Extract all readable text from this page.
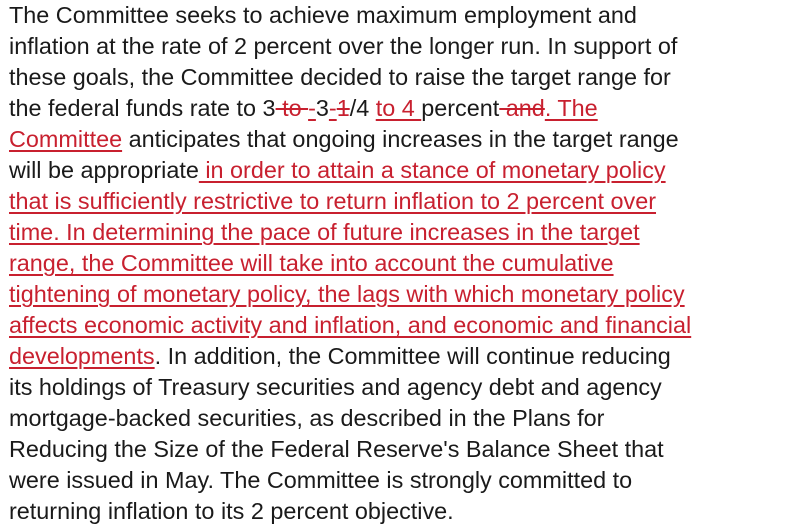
The Committee seeks to achieve maximum employment and
inflation at the rate of 2 percent over the longer run. In support of
these goals, the Committee decided to raise the target range for
the federal funds rate to 3 to -3-1/4 to 4 percent and. The
Committee anticipates that ongoing increases in the target range
will be appropriate in order to attain a stance of monetary policy
that is sufficiently restrictive to return inflation to 2 percent over
time. In determining the pace of future increases in the target
range, the Committee will take into account the cumulative
tightening of monetary policy, the lags with which monetary policy
affects economic activity and inflation, and economic and financial
developments. In addition, the Committee will continue reducing
its holdings of Treasury securities and agency debt and agency
mortgage-backed securities, as described in the Plans for
Reducing the Size of the Federal Reserve's Balance Sheet that
were issued in May. The Committee is strongly committed to
returning inflation to its 2 percent objective.
